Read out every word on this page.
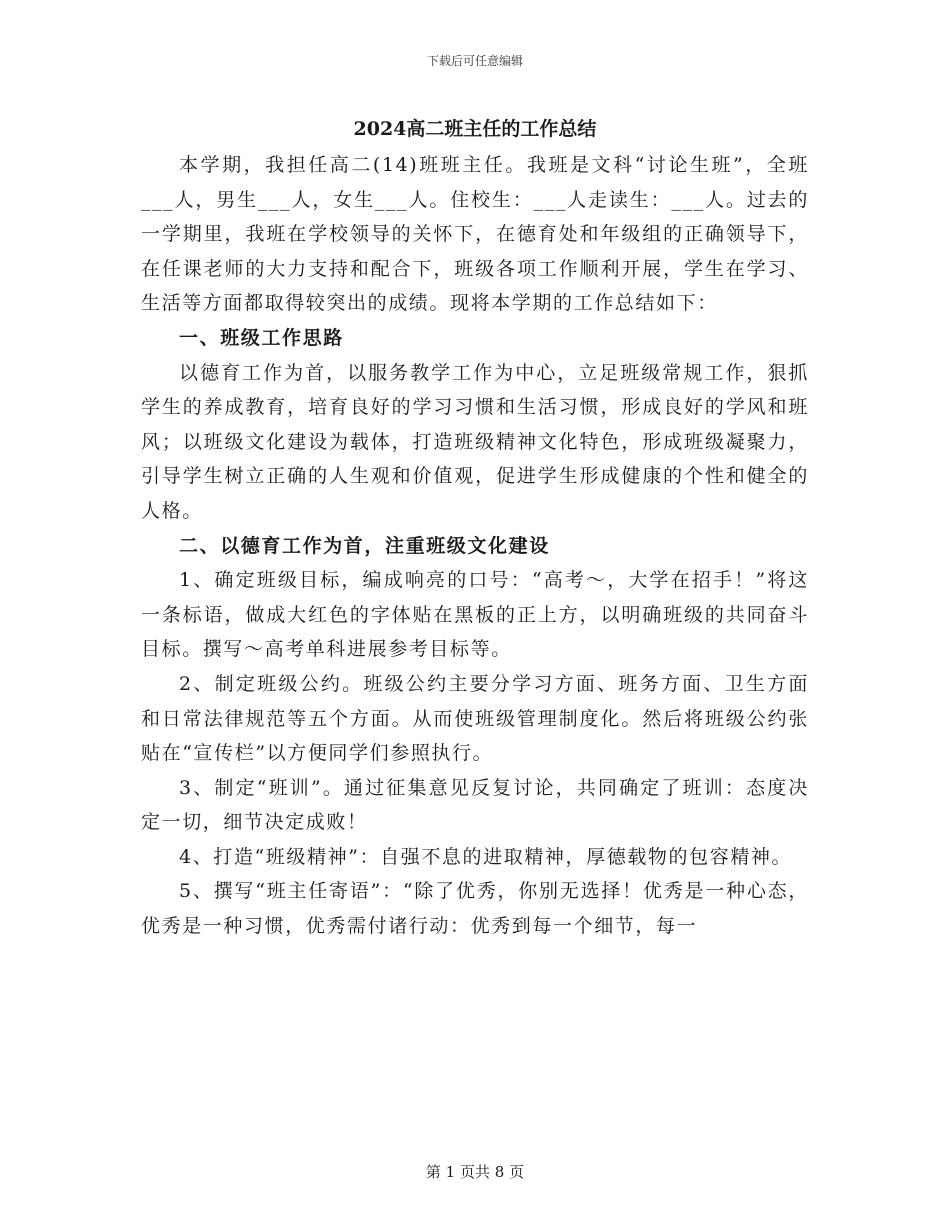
下载后可任意编辑
2024高二班主任的工作总结

本学期，我担任高二(14)班班主任。我班是文科“讨论生班”，全班___人，男生___人，女生___人。住校生：___人走读生：___人。过去的一学期里，我班在学校领导的关怀下，在德育处和年级组的正确领导下，在任课老师的大力支持和配合下，班级各项工作顺利开展，学生在学习、生活等方面都取得较突出的成绩。现将本学期的工作总结如下：

一、班级工作思路

以德育工作为首，以服务教学工作为中心，立足班级常规工作，狠抓学生的养成教育，培育良好的学习习惯和生活习惯，形成良好的学风和班风；以班级文化建设为载体，打造班级精神文化特色，形成班级凝聚力，引导学生树立正确的人生观和价值观，促进学生形成健康的个性和健全的人格。

二、以德育工作为首，注重班级文化建设

1、确定班级目标，编成响亮的口号：“高考～，大学在招手！”将这一条标语，做成大红色的字体贴在黑板的正上方，以明确班级的共同奋斗目标。撰写～高考单科进展参考目标等。

2、制定班级公约。班级公约主要分学习方面、班务方面、卫生方面和日常法律规范等五个方面。从而使班级管理制度化。然后将班级公约张贴在“宣传栏”以方便同学们参照执行。

3、制定“班训”。通过征集意见反复讨论，共同确定了班训：态度决定一切，细节决定成败！

4、打造“班级精神”：自强不息的进取精神，厚德载物的包容精神。

5、撰写“班主任寄语”：“除了优秀，你别无选择！优秀是一种心态，优秀是一种习惯，优秀需付诸行动：优秀到每一个细节，每一

第 1 页共 8 页
